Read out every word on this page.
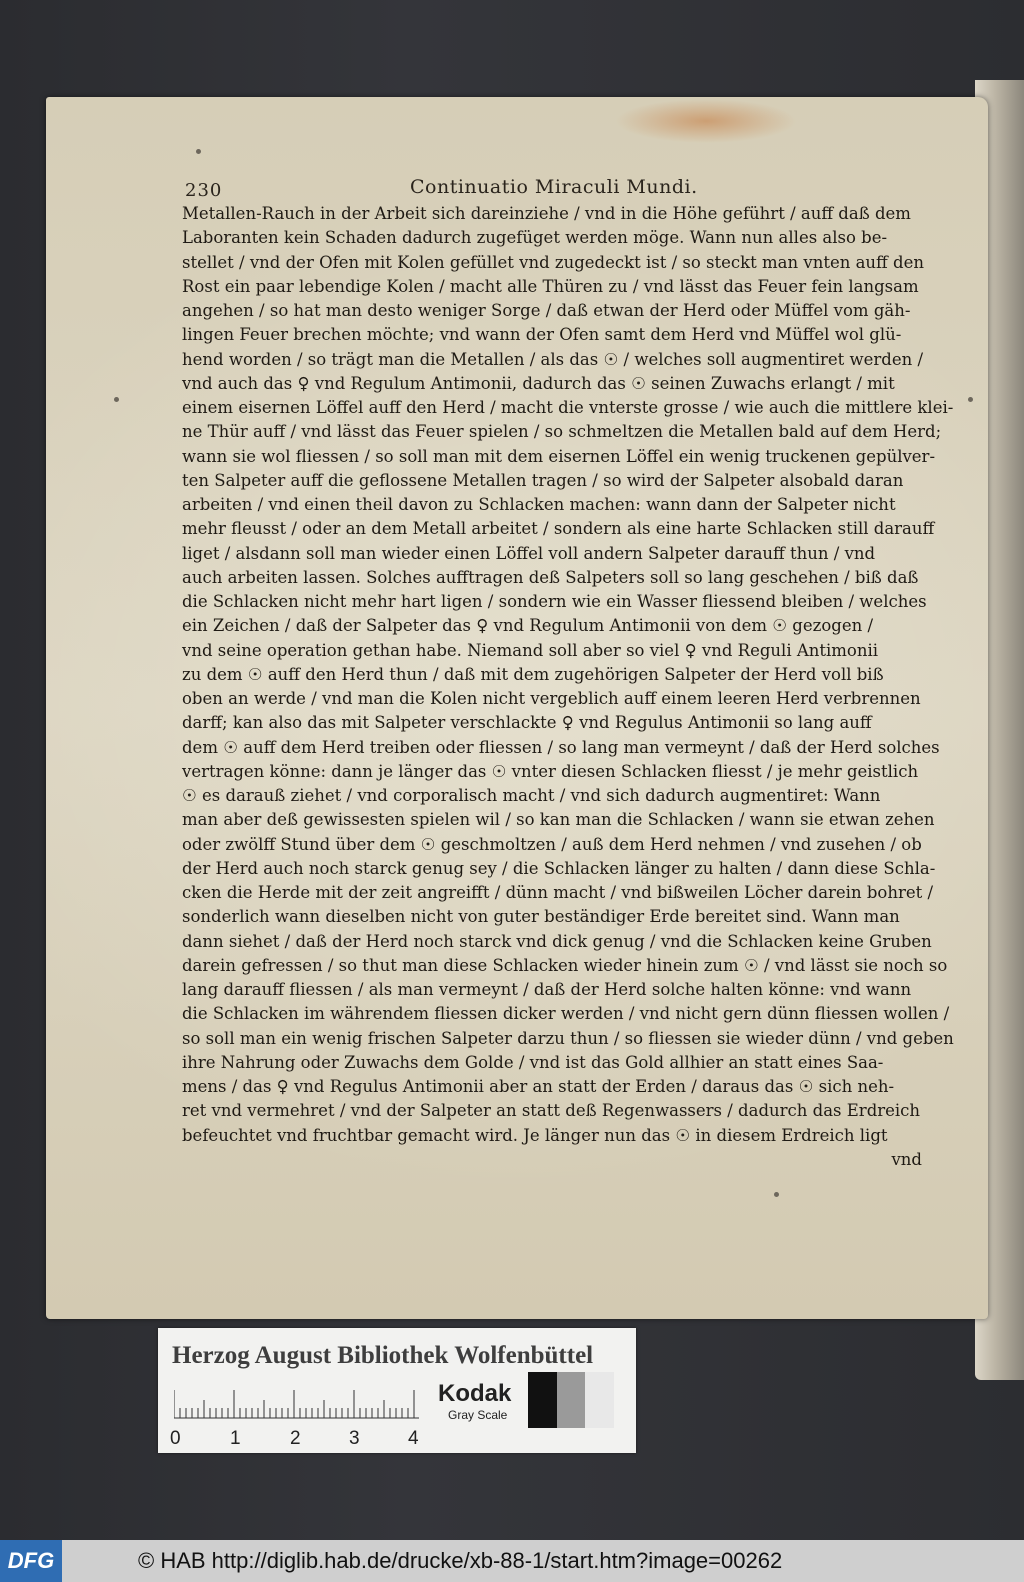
230	Continuatio Miraculi Mundi.
Metallen-Rauch in der Arbeit sich dareinziehe / vnd in die Höhe geführt / auff daß dem
Laboranten kein Schaden dadurch zugefüget werden möge. Wann nun alles also be-
stellet / vnd der Ofen mit Kolen gefüllet vnd zugedeckt ist / so steckt man vnten auff den
Rost ein paar lebendige Kolen / macht alle Thüren zu / vnd lässt das Feuer fein langsam
angehen / so hat man desto weniger Sorge / daß etwan der Herd oder Müffel vom gäh-
lingen Feuer brechen möchte; vnd wann der Ofen samt dem Herd vnd Müffel wol glü-
hend worden / so trägt man die Metallen / als das ☉ / welches soll augmentiret werden /
vnd auch das ♀ vnd Regulum Antimonii, dadurch das ☉ seinen Zuwachs erlangt / mit
einem eisernen Löffel auff den Herd / macht die vnterste grosse / wie auch die mittlere klei-
ne Thür auff / vnd lässt das Feuer spielen / so schmeltzen die Metallen bald auf dem Herd;
wann sie wol fliessen / so soll man mit dem eisernen Löffel ein wenig truckenen gepülver-
ten Salpeter auff die geflossene Metallen tragen / so wird der Salpeter alsobald daran
arbeiten / vnd einen theil davon zu Schlacken machen: wann dann der Salpeter nicht
mehr fleusst / oder an dem Metall arbeitet / sondern als eine harte Schlacken still darauff
liget / alsdann soll man wieder einen Löffel voll andern Salpeter darauff thun / vnd
auch arbeiten lassen. Solches aufftragen deß Salpeters soll so lang geschehen / biß daß
die Schlacken nicht mehr hart ligen / sondern wie ein Wasser fliessend bleiben / welches
ein Zeichen / daß der Salpeter das ♀ vnd Regulum Antimonii von dem ☉ gezogen /
vnd seine operation gethan habe. Niemand soll aber so viel ♀ vnd Reguli Antimonii
zu dem ☉ auff den Herd thun / daß mit dem zugehörigen Salpeter der Herd voll biß
oben an werde / vnd man die Kolen nicht vergeblich auff einem leeren Herd verbrennen
darff; kan also das mit Salpeter verschlackte ♀ vnd Regulus Antimonii so lang auff
dem ☉ auff dem Herd treiben oder fliessen / so lang man vermeynt / daß der Herd solches
vertragen könne: dann je länger das ☉ vnter diesen Schlacken fliesst / je mehr geistlich
☉ es darauß ziehet / vnd corporalisch macht / vnd sich dadurch augmentiret: Wann
man aber deß gewissesten spielen wil / so kan man die Schlacken / wann sie etwan zehen
oder zwölff Stund über dem ☉ geschmoltzen / auß dem Herd nehmen / vnd zusehen / ob
der Herd auch noch starck genug sey / die Schlacken länger zu halten / dann diese Schla-
cken die Herde mit der zeit angreifft / dünn macht / vnd bißweilen Löcher darein bohret /
sonderlich wann dieselben nicht von guter beständiger Erde bereitet sind. Wann man
dann siehet / daß der Herd noch starck vnd dick genug / vnd die Schlacken keine Gruben
darein gefressen / so thut man diese Schlacken wieder hinein zum ☉ / vnd lässt sie noch so
lang darauff fliessen / als man vermeynt / daß der Herd solche halten könne: vnd wann
die Schlacken im währendem fliessen dicker werden / vnd nicht gern dünn fliessen wollen /
so soll man ein wenig frischen Salpeter darzu thun / so fliessen sie wieder dünn / vnd geben
ihre Nahrung oder Zuwachs dem Golde / vnd ist das Gold allhier an statt eines Saa-
mens / das ♀ vnd Regulus Antimonii aber an statt der Erden / daraus das ☉ sich neh-
ret vnd vermehret / vnd der Salpeter an statt deß Regenwassers / dadurch das Erdreich
befeuchtet vnd fruchtbar gemacht wird. Je länger nun das ☉ in diesem Erdreich ligt
vnd
Herzog August Bibliothek Wolfenbüttel
0	1	2	3	4
Kodak
Gray Scale
DFG	© HAB http://diglib.hab.de/drucke/xb-88-1/start.htm?image=00262
